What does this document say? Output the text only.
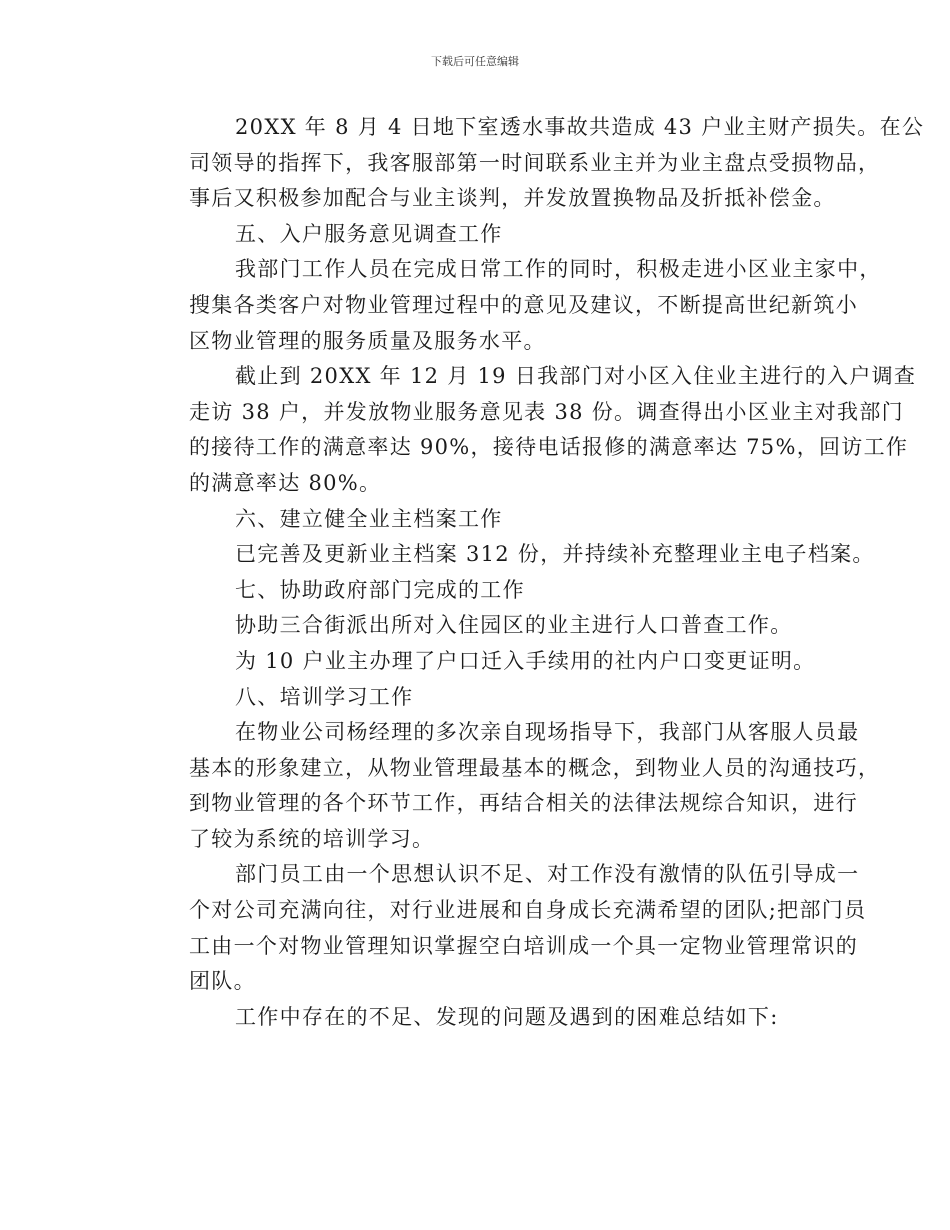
下载后可任意编辑

20XX 年 8 月 4 日地下室透水事故共造成 43 户业主财产损失。在公
司领导的指挥下，我客服部第一时间联系业主并为业主盘点受损物品，
事后又积极参加配合与业主谈判，并发放置换物品及折抵补偿金。

五、入户服务意见调查工作

我部门工作人员在完成日常工作的同时，积极走进小区业主家中，
搜集各类客户对物业管理过程中的意见及建议，不断提高世纪新筑小
区物业管理的服务质量及服务水平。

截止到 20XX 年 12 月 19 日我部门对小区入住业主进行的入户调查
走访 38 户，并发放物业服务意见表 38 份。调查得出小区业主对我部门
的接待工作的满意率达 90%，接待电话报修的满意率达 75%，回访工作
的满意率达 80%。

六、建立健全业主档案工作

已完善及更新业主档案 312 份，并持续补充整理业主电子档案。

七、协助政府部门完成的工作

协助三合街派出所对入住园区的业主进行人口普查工作。

为 10 户业主办理了户口迁入手续用的社内户口变更证明。

八、培训学习工作

在物业公司杨经理的多次亲自现场指导下，我部门从客服人员最
基本的形象建立，从物业管理最基本的概念，到物业人员的沟通技巧，
到物业管理的各个环节工作，再结合相关的法律法规综合知识，进行
了较为系统的培训学习。

部门员工由一个思想认识不足、对工作没有激情的队伍引导成一
个对公司充满向往，对行业进展和自身成长充满希望的团队;把部门员
工由一个对物业管理知识掌握空白培训成一个具一定物业管理常识的
团队。

工作中存在的不足、发现的问题及遇到的困难总结如下:
